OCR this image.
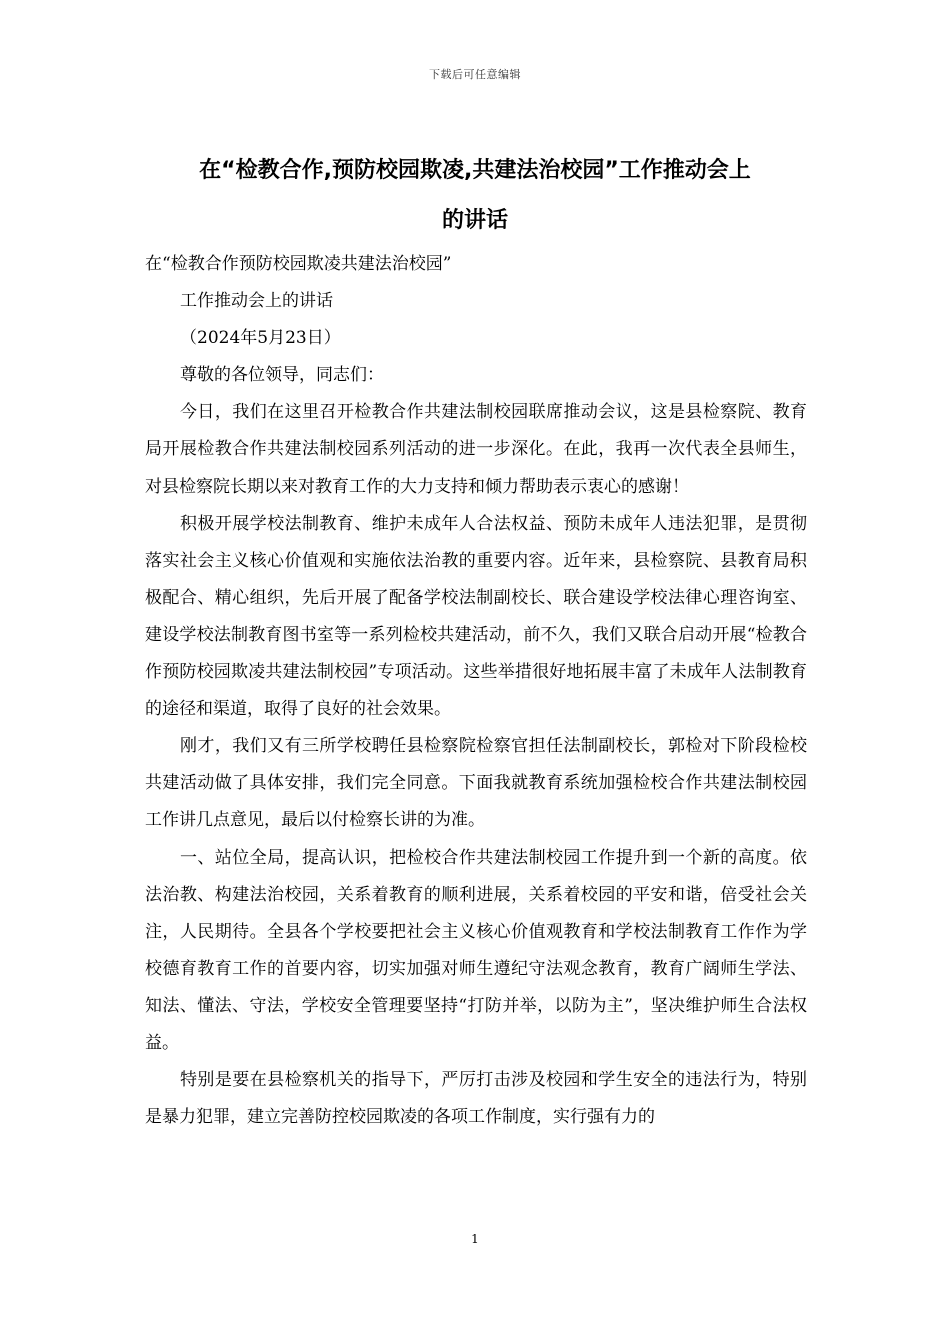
下载后可任意编辑
在“检教合作,预防校园欺凌,共建法治校园”工作推动会上
的讲话

在“检教合作预防校园欺凌共建法治校园”

工作推动会上的讲话

（2024年5月23日）

尊敬的各位领导，同志们：

今日，我们在这里召开检教合作共建法制校园联席推动会议，这是县检察院、教育局开展检教合作共建法制校园系列活动的进一步深化。在此，我再一次代表全县师生，对县检察院长期以来对教育工作的大力支持和倾力帮助表示衷心的感谢！

积极开展学校法制教育、维护未成年人合法权益、预防未成年人违法犯罪，是贯彻落实社会主义核心价值观和实施依法治教的重要内容。近年来，县检察院、县教育局积极配合、精心组织，先后开展了配备学校法制副校长、联合建设学校法律心理咨询室、建设学校法制教育图书室等一系列检校共建活动，前不久，我们又联合启动开展“检教合作预防校园欺凌共建法制校园”专项活动。这些举措很好地拓展丰富了未成年人法制教育的途径和渠道，取得了良好的社会效果。

刚才，我们又有三所学校聘任县检察院检察官担任法制副校长，郭检对下阶段检校共建活动做了具体安排，我们完全同意。下面我就教育系统加强检校合作共建法制校园工作讲几点意见，最后以付检察长讲的为准。

一、站位全局，提高认识，把检校合作共建法制校园工作提升到一个新的高度。依法治教、构建法治校园，关系着教育的顺利进展，关系着校园的平安和谐，倍受社会关注，人民期待。全县各个学校要把社会主义核心价值观教育和学校法制教育工作作为学校德育教育工作的首要内容，切实加强对师生遵纪守法观念教育，教育广阔师生学法、知法、懂法、守法，学校安全管理要坚持“打防并举，以防为主”，坚决维护师生合法权益。

特别是要在县检察机关的指导下，严厉打击涉及校园和学生安全的违法行为，特别是暴力犯罪，建立完善防控校园欺凌的各项工作制度，实行强有力的

1
